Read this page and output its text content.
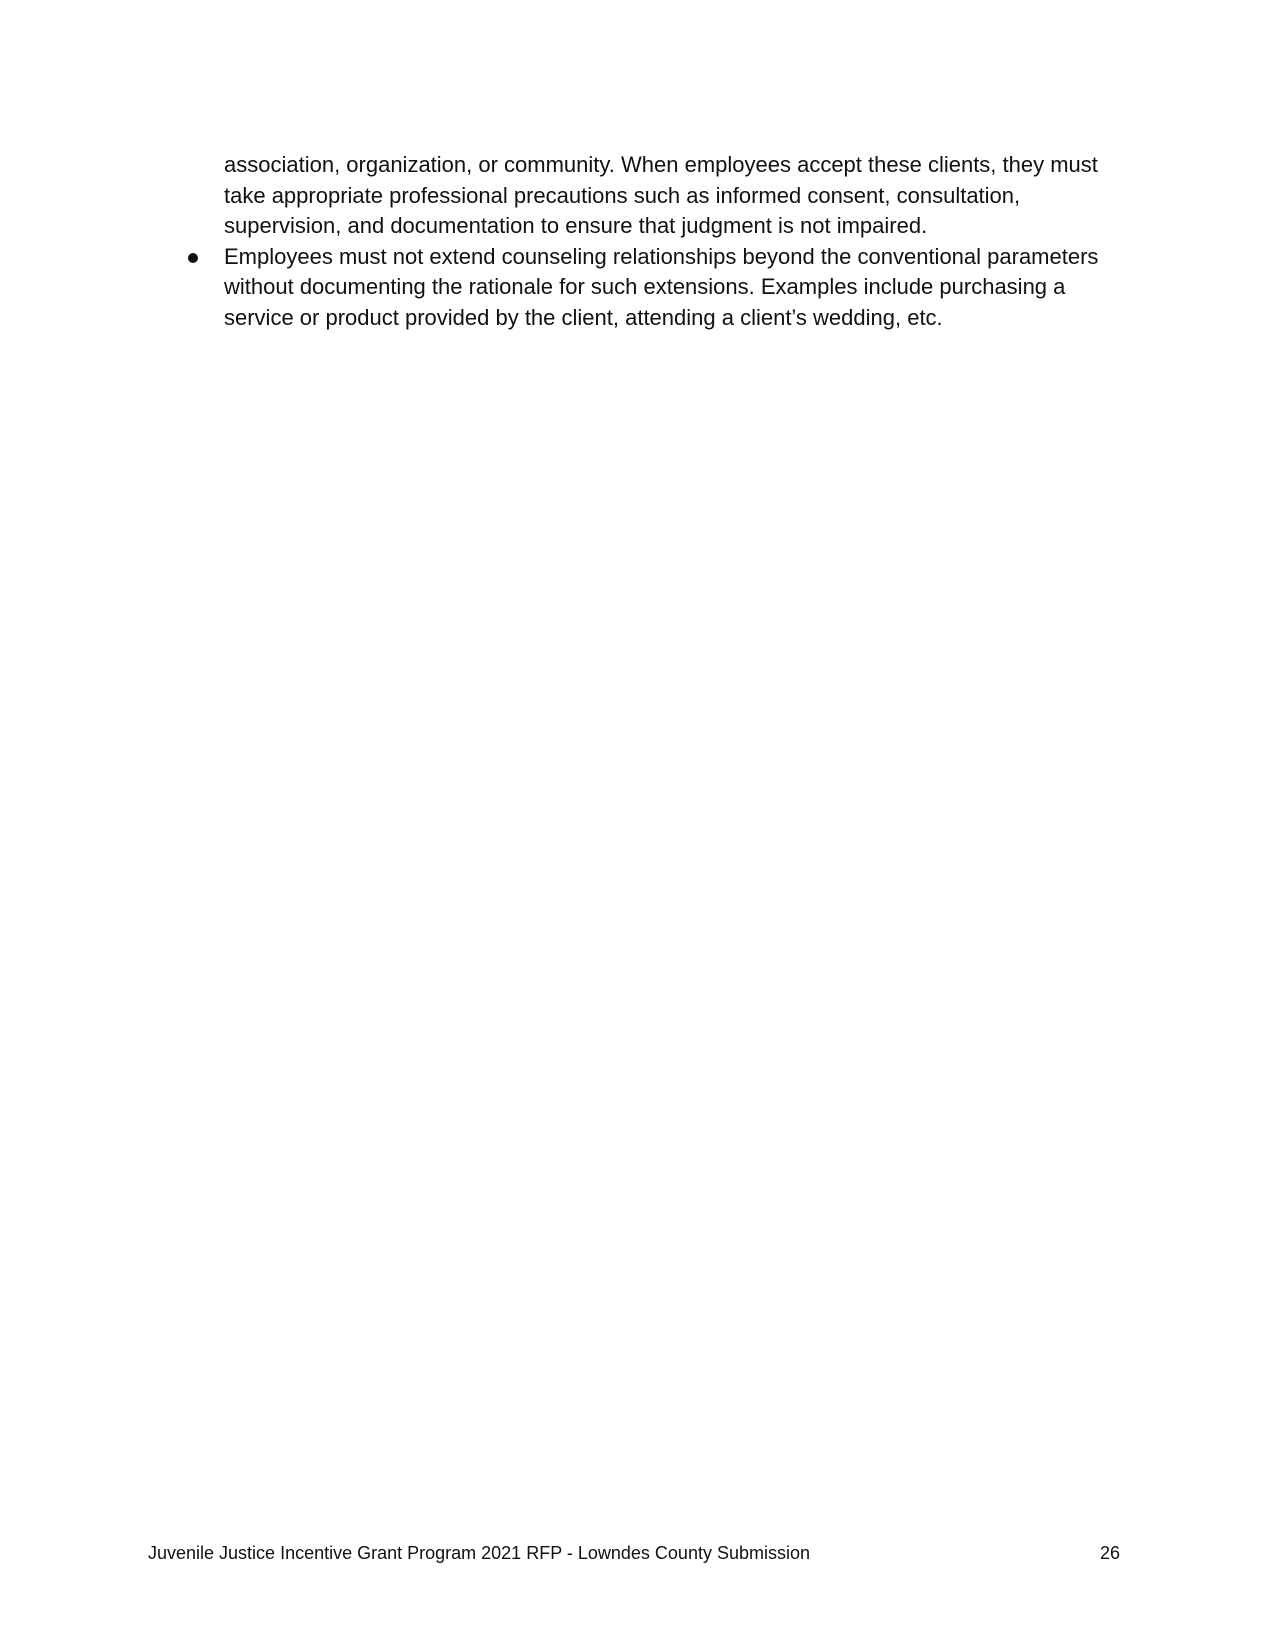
association, organization, or community. When employees accept these clients, they must take appropriate professional precautions such as informed consent, consultation, supervision, and documentation to ensure that judgment is not impaired.

Employees must not extend counseling relationships beyond the conventional parameters without documenting the rationale for such extensions. Examples include purchasing a service or product provided by the client, attending a client’s wedding, etc.
Juvenile Justice Incentive Grant Program 2021 RFP - Lowndes County Submission	26
